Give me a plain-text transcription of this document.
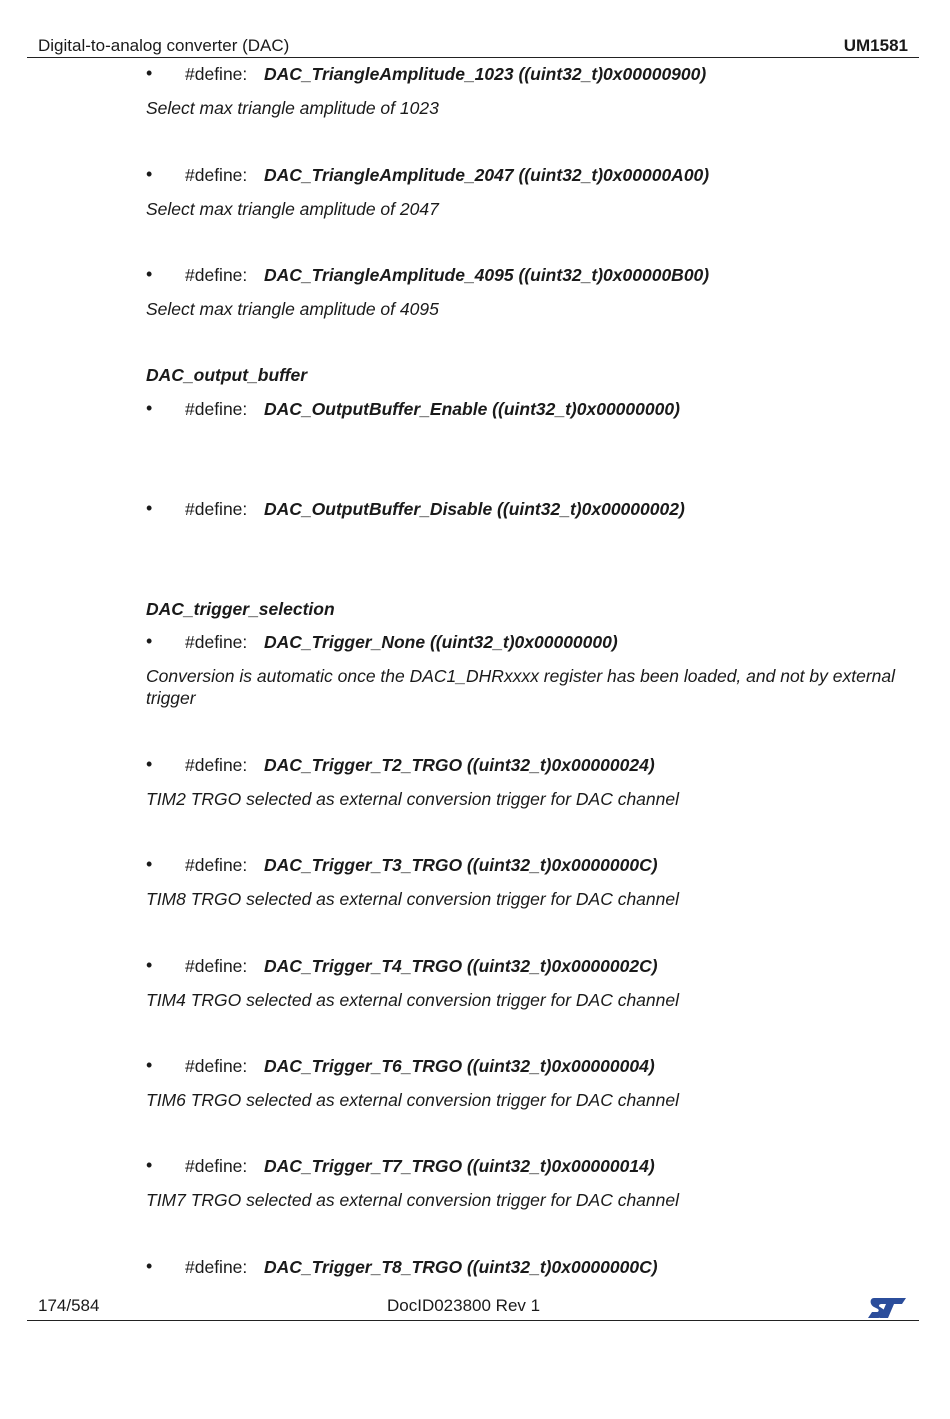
Digital-to-analog converter (DAC)	UM1581
• #define: DAC_TriangleAmplitude_1023 ((uint32_t)0x00000900)
Select max triangle amplitude of 1023
• #define: DAC_TriangleAmplitude_2047 ((uint32_t)0x00000A00)
Select max triangle amplitude of 2047
• #define: DAC_TriangleAmplitude_4095 ((uint32_t)0x00000B00)
Select max triangle amplitude of 4095
DAC_output_buffer
• #define: DAC_OutputBuffer_Enable ((uint32_t)0x00000000)
• #define: DAC_OutputBuffer_Disable ((uint32_t)0x00000002)
DAC_trigger_selection
• #define: DAC_Trigger_None ((uint32_t)0x00000000)
Conversion is automatic once the DAC1_DHRxxxx register has been loaded, and not by external trigger
• #define: DAC_Trigger_T2_TRGO ((uint32_t)0x00000024)
TIM2 TRGO selected as external conversion trigger for DAC channel
• #define: DAC_Trigger_T3_TRGO ((uint32_t)0x0000000C)
TIM8 TRGO selected as external conversion trigger for DAC channel
• #define: DAC_Trigger_T4_TRGO ((uint32_t)0x0000002C)
TIM4 TRGO selected as external conversion trigger for DAC channel
• #define: DAC_Trigger_T6_TRGO ((uint32_t)0x00000004)
TIM6 TRGO selected as external conversion trigger for DAC channel
• #define: DAC_Trigger_T7_TRGO ((uint32_t)0x00000014)
TIM7 TRGO selected as external conversion trigger for DAC channel
• #define: DAC_Trigger_T8_TRGO ((uint32_t)0x0000000C)
174/584	DocID023800 Rev 1
